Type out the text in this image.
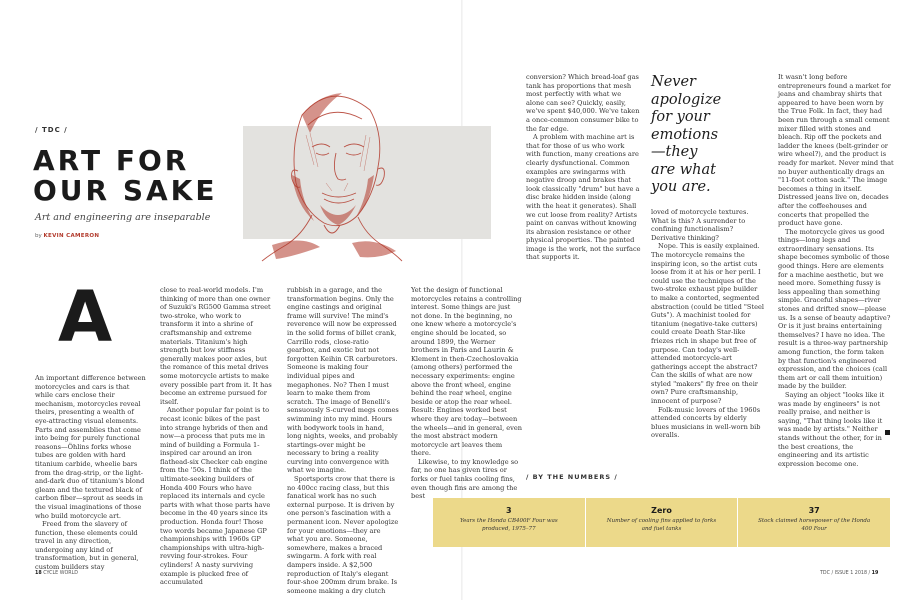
/ TDC /
ART FOR
OUR SAKE
Art and engineering are inseparable
by KEVIN CAMERON
A

An important difference between motorcycles and cars is that while cars enclose their mechanism, motorcycles reveal theirs, presenting a wealth of eye-attracting visual elements. Parts and assemblies that come into being for purely functional reasons—Öhlins forks whose tubes are golden with hard titanium carbide, wheelie bars from the drag-strip, or the light-and-dark duo of titanium's blond gleam and the textured black of carbon fiber—sprout as seeds in the visual imaginations of those who build motorcycle art.

Freed from the slavery of function, these elements could travel in any direction, undergoing any kind of transformation, but in general, custom builders stay

close to real-world models. I'm thinking of more than one owner of Suzuki's RG500 Gamma street two-stroke, who work to transform it into a shrine of craftsmanship and extreme materials. Titanium's high strength but low stiffness generally makes poor axles, but the romance of this metal drives some motorcycle artists to make every possible part from it. It has become an extreme pursued for itself.

Another popular far point is to recast iconic bikes of the past into strange hybrids of then and now—a process that puts me in mind of building a Formula 1-inspired car around an iron flathead-six Checker cab engine from the '50s. I think of the ultimate-seeking builders of Honda 400 Fours who have replaced its internals and cycle parts with what those parts have become in the 40 years since its production. Honda four! Those two words became Japanese GP championships with 1960s GP championships with ultra-high-revving four-strokes. Four cylinders! A nasty surviving example is plucked free of accumulated

rubbish in a garage, and the transformation begins. Only the engine castings and original frame will survive! The mind's reverence will now be expressed in the solid forms of billet crank, Carrillo rods, close-ratio gearbox, and exotic but not forgotten Keihin CR carburetors. Someone is making four individual pipes and megaphones. No? Then I must learn to make them from scratch. The image of Benelli's sensuously S-curved megs comes swimming into my mind. Hours with bodywork tools in hand, long nights, weeks, and probably startings-over might be necessary to bring a reality curving into convergence with what we imagine.

Sportsports crow that there is no 400cc racing class, but this fanatical work has no such external purpose. It is driven by one person's fascination with a permanent icon. Never apologize for your emotions—they are what you are. Someone, somewhere, makes a braced swingarm. A fork with real dampers inside. A $2,500 reproduction of Italy's elegant four-shoe 200mm drum brake. Is someone making a dry clutch

Yet the design of functional motorcycles retains a controlling interest. Some things are just not done. In the beginning, no one knew where a motorcycle's engine should be located, so around 1899, the Werner brothers in Paris and Laurin & Klement in then-Czechoslovakia (among others) performed the necessary experiments: engine above the front wheel, engine behind the rear wheel, engine beside or atop the rear wheel. Result: Engines worked best where they are today—between the wheels—and in general, even the most abstract modern motorcycle art leaves them there.

Likewise, to my knowledge so far, no one has given tires or forks or fuel tanks cooling fins, even though fins are among the best

conversion? Which bread-loaf gas tank has proportions that mesh most perfectly with what we alone can see? Quickly, easily, we've spent $40,000. We've taken a once-common consumer bike to the far edge.

A problem with machine art is that for those of us who work with function, many creations are clearly dysfunctional. Common examples are swingarms with negative droop and brakes that look classically "drum" but have a disc brake hidden inside (along with the heat it generates). Shall we cut loose from reality? Artists paint on canvas without knowing its abrasion resistance or other physical properties. The painted image is the work, not the surface that supports it.

Never
apologize
for your
emotions
—they
are what
you are.

loved of motorcycle textures. What is this? A surrender to confining functionalism? Derivative thinking?

Nope. This is easily explained. The motorcycle remains the inspiring icon, so the artist cuts loose from it at his or her peril. I could use the techniques of the two-stroke exhaust pipe builder to make a contorted, segmented abstraction (could be titled "Steel Guts"). A machinist tooled for titanium (negative-take cutters) could create Death Star-like friezes rich in shape but free of purpose. Can today's well-attended motorcycle-art gatherings accept the abstract? Can the skills of what are now styled "makers" fly free on their own? Pure craftsmanship, innocent of purpose?

Folk-music lovers of the 1960s attended concerts by elderly blues musicians in well-worn bib overalls.

It wasn't long before entrepreneurs found a market for jeans and chambray shirts that appeared to have been worn by the True Folk. In fact, they had been run through a small cement mixer filled with stones and bleach. Rip off the pockets and ladder the knees (belt-grinder or wire wheel?), and the product is ready for market. Never mind that no buyer authentically drags an "11-foot cotton sack." The image becomes a thing in itself. Distressed jeans live on, decades after the coffeehouses and concerts that propelled the product have gone.

The motorcycle gives us good things—long legs and extraordinary sensations. Its shape becomes symbolic of those good things. Here are elements for a machine aesthetic, but we need more. Something fussy is less appealing than something simple. Graceful shapes—river stones and drifted snow—please us. Is a sense of beauty adaptive? Or is it just brains entertaining themselves? I have no idea. The result is a three-way partnership among function, the form taken by that function's engineered expression, and the choices (call them art or call them intuition) made by the builder.

Saying an object "looks like it was made by engineers" is not really praise, and neither is saying, "That thing looks like it was made by artists." Neither stands without the other, for in the best creations, the engineering and its artistic expression become one.

/ BY THE NUMBERS /
3
Years the Honda CB400F Four was produced, 1975–77
Zero
Number of cooling fins applied to forks and fuel tanks
37
Stock claimed horsepower of the Honda 400 Four
18 CYCLE WORLD	TDC / ISSUE 1 2018 / 19
